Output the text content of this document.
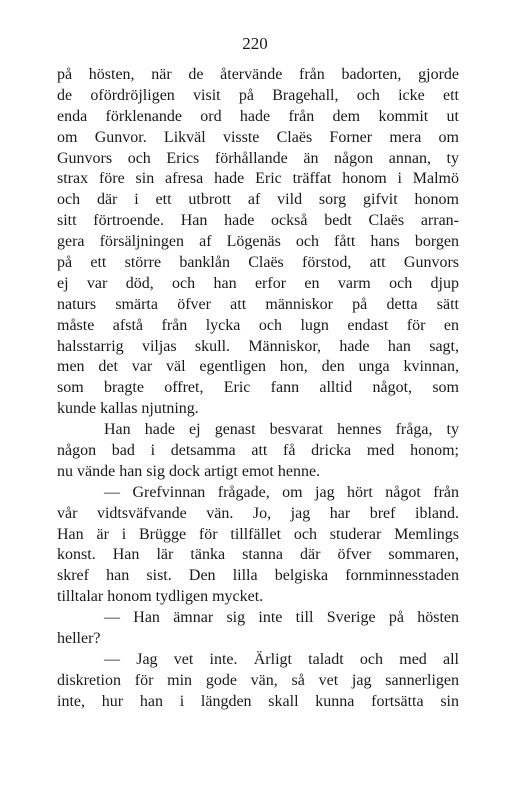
220
på hösten, när de återvände från badorten, gjorde
de ofördröjligen visit på Bragehall, och icke ett
enda förklenande ord hade från dem kommit ut
om Gunvor. Likväl visste Claës Forner mera om
Gunvors och Erics förhållande än någon annan, ty
strax före sin afresa hade Eric träffat honom i Malmö
och där i ett utbrott af vild sorg gifvit honom
sitt förtroende. Han hade också bedt Claës arran-
gera försäljningen af Lögenäs och fått hans borgen
på ett större banklån Claës förstod, att Gunvors
ej var död, och han erfor en varm och djup
naturs smärta öfver att människor på detta sätt
måste afstå från lycka och lugn endast för en
halsstarrig viljas skull. Människor, hade han sagt,
men det var väl egentligen hon, den unga kvinnan,
som bragte offret, Eric fann alltid något, som
kunde kallas njutning.
Han hade ej genast besvarat hennes fråga, ty
någon bad i detsamma att få dricka med honom;
nu vände han sig dock artigt emot henne.
— Grefvinnan frågade, om jag hört något från
vår vidtsväfvande vän. Jo, jag har bref ibland.
Han är i Brügge för tillfället och studerar Memlings
konst. Han lär tänka stanna där öfver sommaren,
skref han sist. Den lilla belgiska fornminnesstaden
tilltalar honom tydligen mycket.
— Han ämnar sig inte till Sverige på hösten
heller?
— Jag vet inte. Ärligt taladt och med all
diskretion för min gode vän, så vet jag sannerligen
inte, hur han i längden skall kunna fortsätta sin
